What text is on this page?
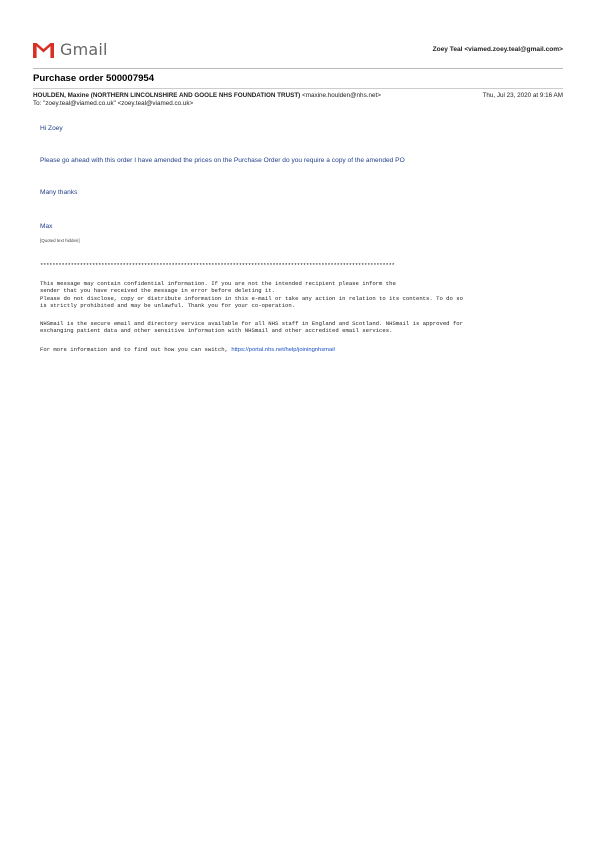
Gmail	Zoey Teal <viamed.zoey.teal@gmail.com>
Purchase order 500007954
HOULDEN, Maxine (NORTHERN LINCOLNSHIRE AND GOOLE NHS FOUNDATION TRUST) <maxine.houlden@nhs.net>	Thu, Jul 23, 2020 at 9:16 AM
To: "zoey.teal@viamed.co.uk" <zoey.teal@viamed.co.uk>
Hi Zoey
Please go ahead with this order I have amended the prices on the Purchase Order do you require a copy of the amended PO
Many thanks
Max
[Quoted text hidden]
********************************************************************************************************************
This message may contain confidential information. If you are not the intended recipient please inform the
sender that you have received the message in error before deleting it.
Please do not disclose, copy or distribute information in this e-mail or take any action in relation to its contents. To do so
is strictly prohibited and may be unlawful. Thank you for your co-operation.
NHSmail is the secure email and directory service available for all NHS staff in England and Scotland. NHSmail is approved for
exchanging patient data and other sensitive information with NHSmail and other accredited email services.
For more information and to find out how you can switch, https://portal.nhs.net/help/joiningnhsmail
